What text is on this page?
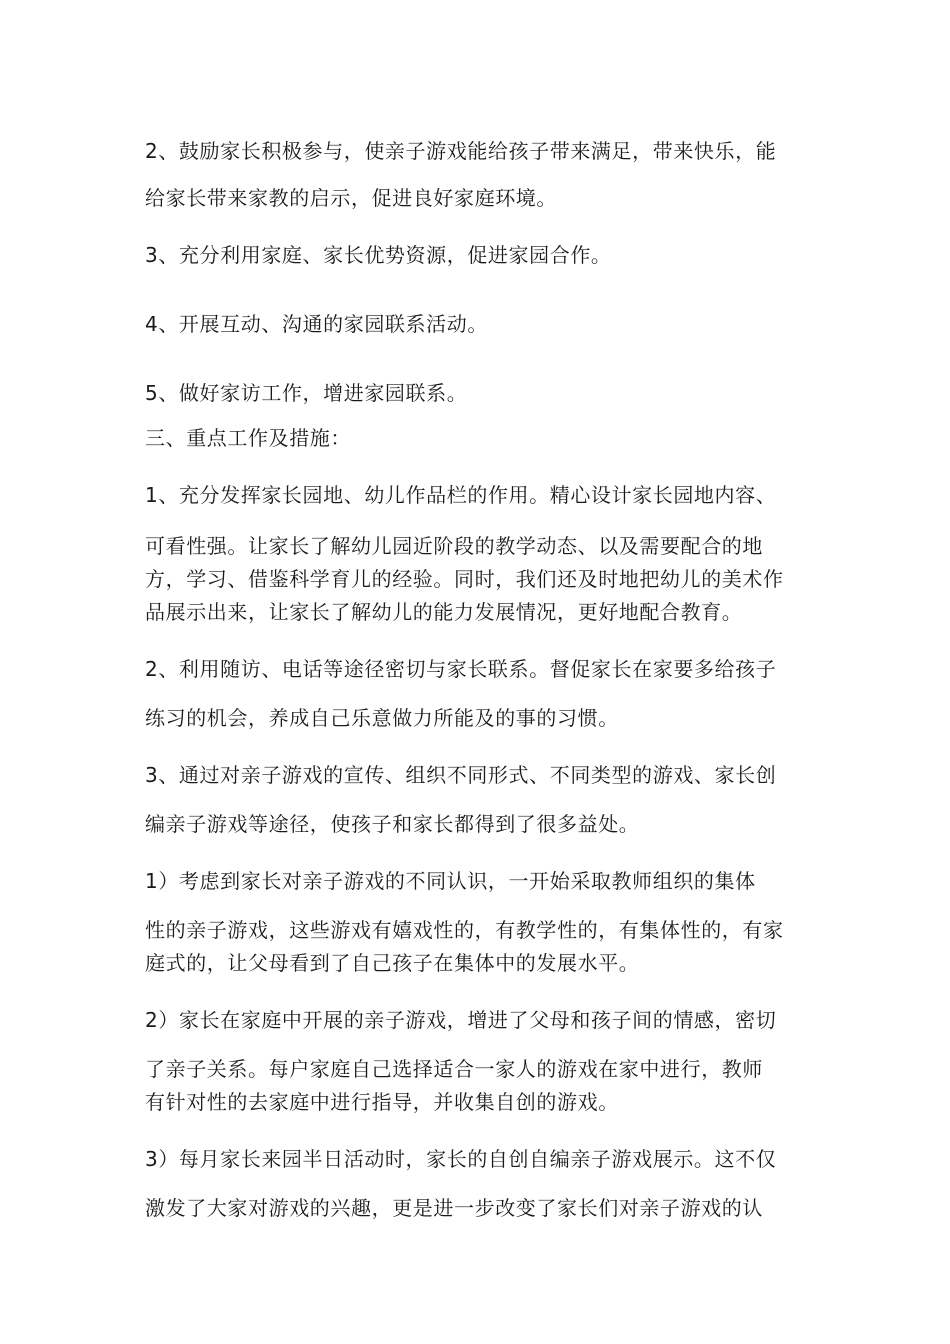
2、鼓励家长积极参与，使亲子游戏能给孩子带来满足，带来快乐，能

给家长带来家教的启示，促进良好家庭环境。

3、充分利用家庭、家长优势资源，促进家园合作。

4、开展互动、沟通的家园联系活动。

5、做好家访工作，增进家园联系。

三、重点工作及措施：

1、充分发挥家长园地、幼儿作品栏的作用。精心设计家长园地内容、

可看性强。让家长了解幼儿园近阶段的教学动态、以及需要配合的地

方，学习、借鉴科学育儿的经验。同时，我们还及时地把幼儿的美术作

品展示出来，让家长了解幼儿的能力发展情况，更好地配合教育。

2、利用随访、电话等途径密切与家长联系。督促家长在家要多给孩子

练习的机会，养成自己乐意做力所能及的事的习惯。

3、通过对亲子游戏的宣传、组织不同形式、不同类型的游戏、家长创

编亲子游戏等途径，使孩子和家长都得到了很多益处。

1）考虑到家长对亲子游戏的不同认识，一开始采取教师组织的集体

性的亲子游戏，这些游戏有嬉戏性的，有教学性的，有集体性的，有家

庭式的，让父母看到了自己孩子在集体中的发展水平。

2）家长在家庭中开展的亲子游戏，增进了父母和孩子间的情感，密切

了亲子关系。每户家庭自己选择适合一家人的游戏在家中进行，教师

有针对性的去家庭中进行指导，并收集自创的游戏。

3）每月家长来园半日活动时，家长的自创自编亲子游戏展示。这不仅

激发了大家对游戏的兴趣，更是进一步改变了家长们对亲子游戏的认
